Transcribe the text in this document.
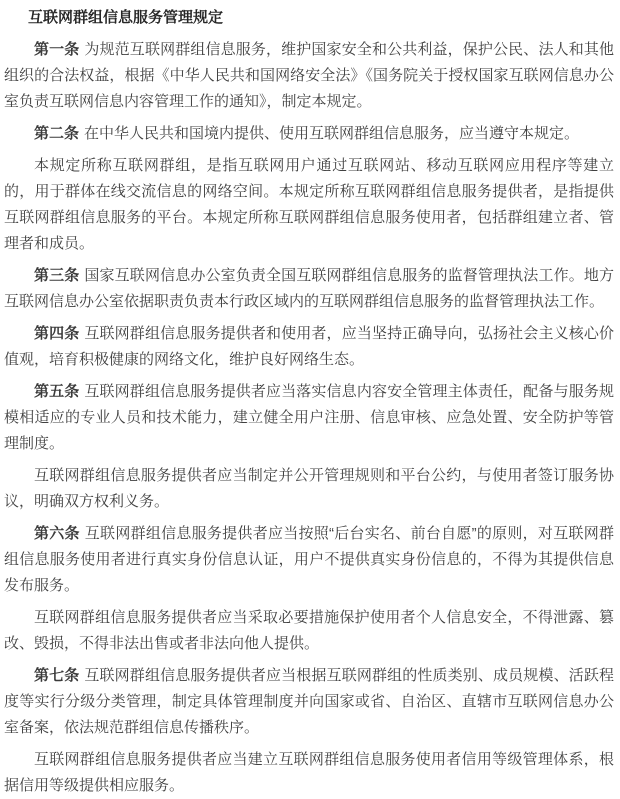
互联网群组信息服务管理规定

第一条 为规范互联网群组信息服务，维护国家安全和公共利益，保护公民、法人和其他组织的合法权益，根据《中华人民共和国网络安全法》《国务院关于授权国家互联网信息办公室负责互联网信息内容管理工作的通知》，制定本规定。

第二条 在中华人民共和国境内提供、使用互联网群组信息服务，应当遵守本规定。

本规定所称互联网群组，是指互联网用户通过互联网站、移动互联网应用程序等建立的，用于群体在线交流信息的网络空间。本规定所称互联网群组信息服务提供者，是指提供互联网群组信息服务的平台。本规定所称互联网群组信息服务使用者，包括群组建立者、管理者和成员。

第三条 国家互联网信息办公室负责全国互联网群组信息服务的监督管理执法工作。地方互联网信息办公室依据职责负责本行政区域内的互联网群组信息服务的监督管理执法工作。

第四条 互联网群组信息服务提供者和使用者，应当坚持正确导向，弘扬社会主义核心价值观，培育积极健康的网络文化，维护良好网络生态。

第五条 互联网群组信息服务提供者应当落实信息内容安全管理主体责任，配备与服务规模相适应的专业人员和技术能力，建立健全用户注册、信息审核、应急处置、安全防护等管理制度。

互联网群组信息服务提供者应当制定并公开管理规则和平台公约，与使用者签订服务协议，明确双方权利义务。

第六条 互联网群组信息服务提供者应当按照“后台实名、前台自愿”的原则，对互联网群组信息服务使用者进行真实身份信息认证，用户不提供真实身份信息的，不得为其提供信息发布服务。

互联网群组信息服务提供者应当采取必要措施保护使用者个人信息安全，不得泄露、篡改、毁损，不得非法出售或者非法向他人提供。

第七条 互联网群组信息服务提供者应当根据互联网群组的性质类别、成员规模、活跃程度等实行分级分类管理，制定具体管理制度并向国家或省、自治区、直辖市互联网信息办公室备案，依法规范群组信息传播秩序。

互联网群组信息服务提供者应当建立互联网群组信息服务使用者信用等级管理体系，根据信用等级提供相应服务。
